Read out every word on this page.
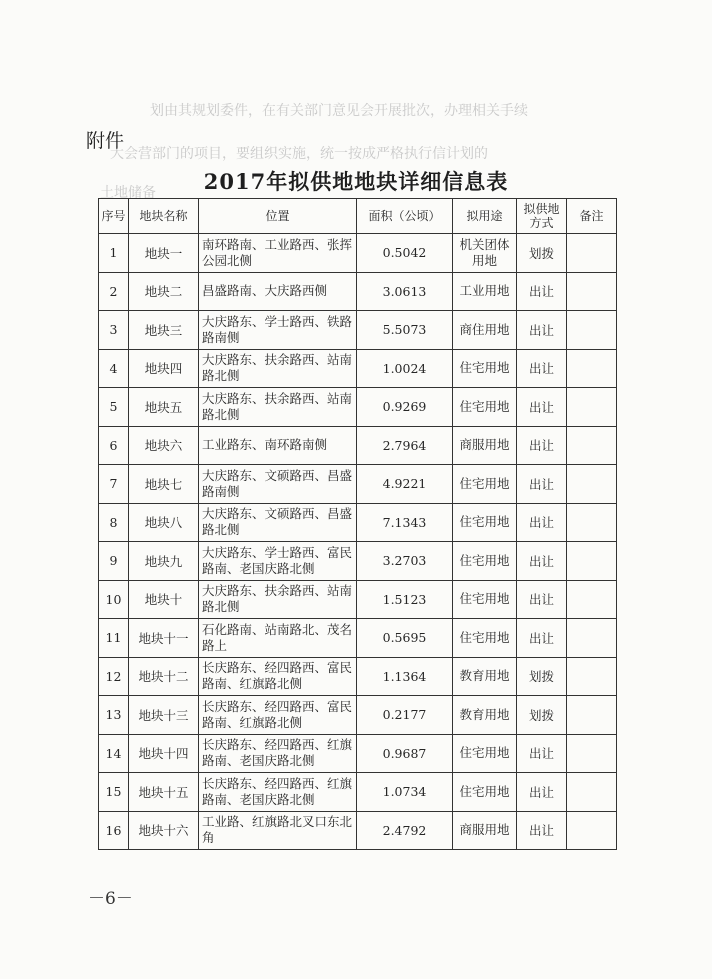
划由其规划委件，在有关部门意见会开展批次，办理相关手续
大会营部门的项目，要组织实施，统一按成严格执行信计划的
土地储备
附件
2017年拟供地地块详细信息表
序号	地块名称	位置	面积（公顷）	拟用途	拟供地方式	备注
1	地块一	南环路南、工业路西、张挥公园北侧	0.5042	机关团体用地	划拨	
2	地块二	昌盛路南、大庆路西侧	3.0613	工业用地	出让	
3	地块三	大庆路东、学士路西、铁路路南侧	5.5073	商住用地	出让	
4	地块四	大庆路东、扶余路西、站南路北侧	1.0024	住宅用地	出让	
5	地块五	大庆路东、扶余路西、站南路北侧	0.9269	住宅用地	出让	
6	地块六	工业路东、南环路南侧	2.7964	商服用地	出让	
7	地块七	大庆路东、文硕路西、昌盛路南侧	4.9221	住宅用地	出让	
8	地块八	大庆路东、文硕路西、昌盛路北侧	7.1343	住宅用地	出让	
9	地块九	大庆路东、学士路西、富民路南、老国庆路北侧	3.2703	住宅用地	出让	
10	地块十	大庆路东、扶余路西、站南路北侧	1.5123	住宅用地	出让	
11	地块十一	石化路南、站南路北、茂名路上	0.5695	住宅用地	出让	
12	地块十二	长庆路东、经四路西、富民路南、红旗路北侧	1.1364	教育用地	划拨	
13	地块十三	长庆路东、经四路西、富民路南、红旗路北侧	0.2177	教育用地	划拨	
14	地块十四	长庆路东、经四路西、红旗路南、老国庆路北侧	0.9687	住宅用地	出让	
15	地块十五	长庆路东、经四路西、红旗路南、老国庆路北侧	1.0734	住宅用地	出让	
16	地块十六	工业路、红旗路北叉口东北角	2.4792	商服用地	出让	
－6－
